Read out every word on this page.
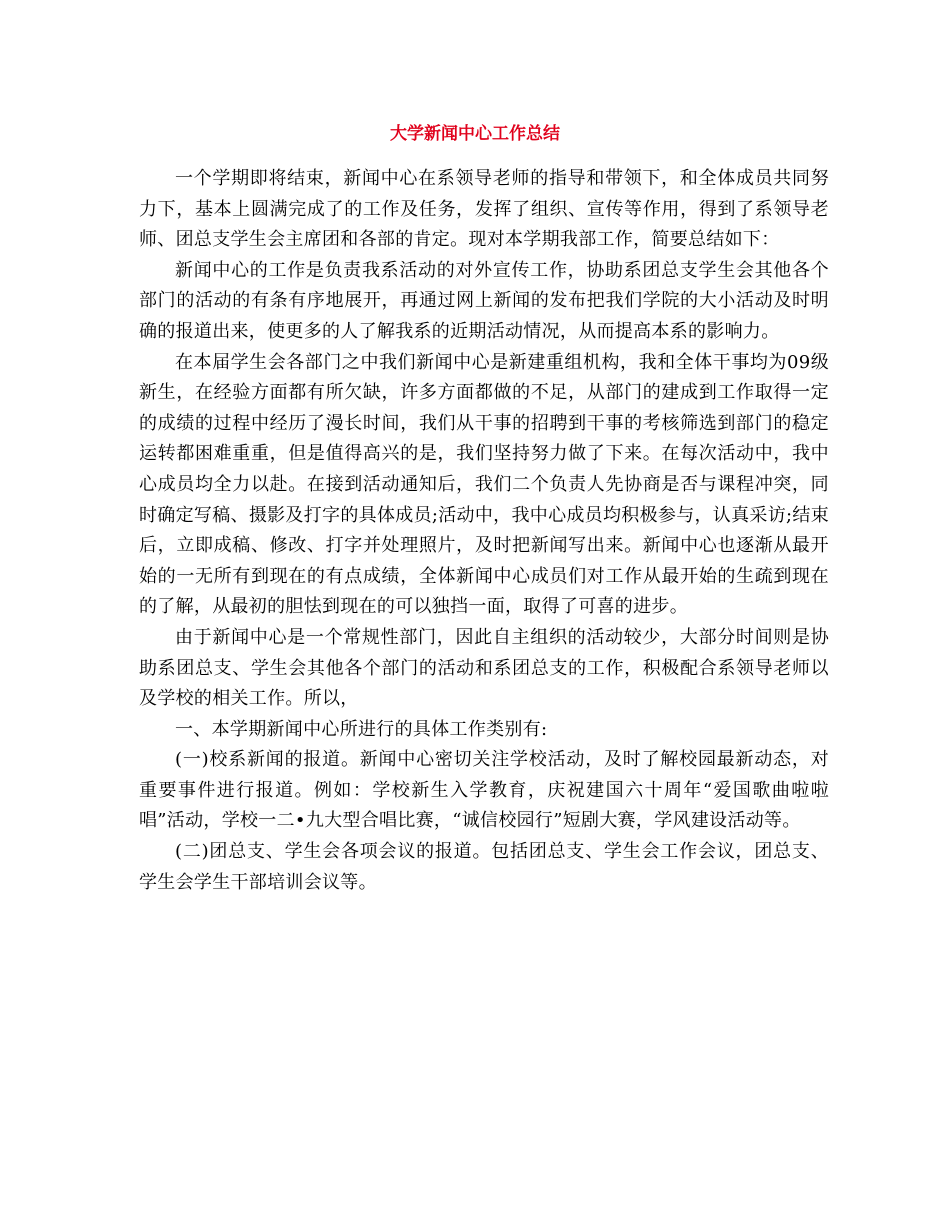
大学新闻中心工作总结

一个学期即将结束，新闻中心在系领导老师的指导和带领下，和全体成员共同努力下，基本上圆满完成了的工作及任务，发挥了组织、宣传等作用，得到了系领导老师、团总支学生会主席团和各部的肯定。现对本学期我部工作，简要总结如下：

新闻中心的工作是负责我系活动的对外宣传工作，协助系团总支学生会其他各个部门的活动的有条有序地展开，再通过网上新闻的发布把我们学院的大小活动及时明确的报道出来，使更多的人了解我系的近期活动情况，从而提高本系的影响力。

在本届学生会各部门之中我们新闻中心是新建重组机构，我和全体干事均为09级新生，在经验方面都有所欠缺，许多方面都做的不足，从部门的建成到工作取得一定的成绩的过程中经历了漫长时间，我们从干事的招聘到干事的考核筛选到部门的稳定运转都困难重重，但是值得高兴的是，我们坚持努力做了下来。在每次活动中，我中心成员均全力以赴。在接到活动通知后，我们二个负责人先协商是否与课程冲突，同时确定写稿、摄影及打字的具体成员;活动中，我中心成员均积极参与，认真采访;结束后，立即成稿、修改、打字并处理照片，及时把新闻写出来。新闻中心也逐渐从最开始的一无所有到现在的有点成绩，全体新闻中心成员们对工作从最开始的生疏到现在的了解，从最初的胆怯到现在的可以独挡一面，取得了可喜的进步。

由于新闻中心是一个常规性部门，因此自主组织的活动较少，大部分时间则是协助系团总支、学生会其他各个部门的活动和系团总支的工作，积极配合系领导老师以及学校的相关工作。所以，

一、本学期新闻中心所进行的具体工作类别有:

(一)校系新闻的报道。新闻中心密切关注学校活动，及时了解校园最新动态，对重要事件进行报道。例如：学校新生入学教育，庆祝建国六十周年“爱国歌曲啦啦唱”活动，学校一二•九大型合唱比赛，“诚信校园行”短剧大赛，学风建设活动等。

(二)团总支、学生会各项会议的报道。包括团总支、学生会工作会议，团总支、学生会学生干部培训会议等。
